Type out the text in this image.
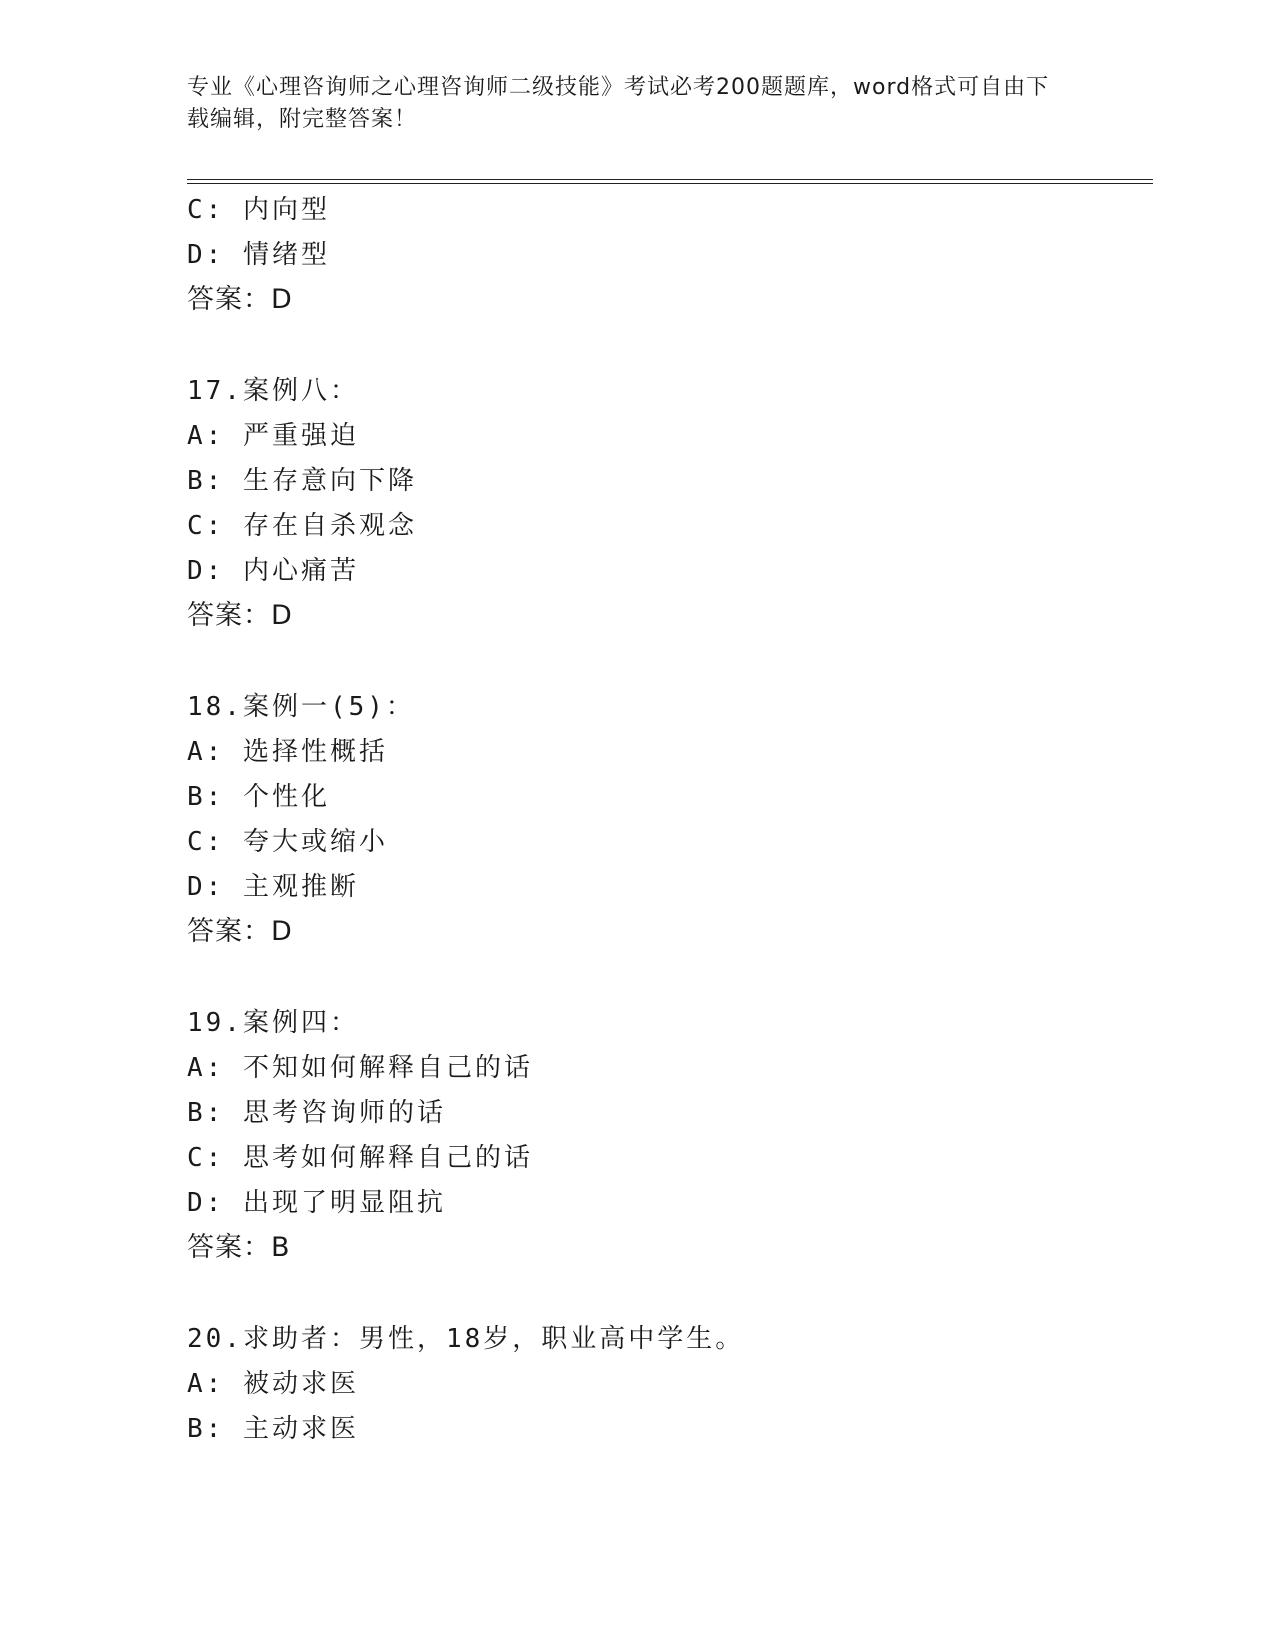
专业《心理咨询师之心理咨询师二级技能》考试必考200题题库，word格式可自由下载编辑，附完整答案！
C: 内向型
D: 情绪型
答案：D
17.案例八：
A: 严重强迫
B: 生存意向下降
C: 存在自杀观念
D: 内心痛苦
答案：D
18.案例一(5)：
A: 选择性概括
B: 个性化
C: 夸大或缩小
D: 主观推断
答案：D
19.案例四：
A: 不知如何解释自己的话
B: 思考咨询师的话
C: 思考如何解释自己的话
D: 出现了明显阻抗
答案：B
20.求助者：男性，18岁，职业高中学生。
A: 被动求医
B: 主动求医
